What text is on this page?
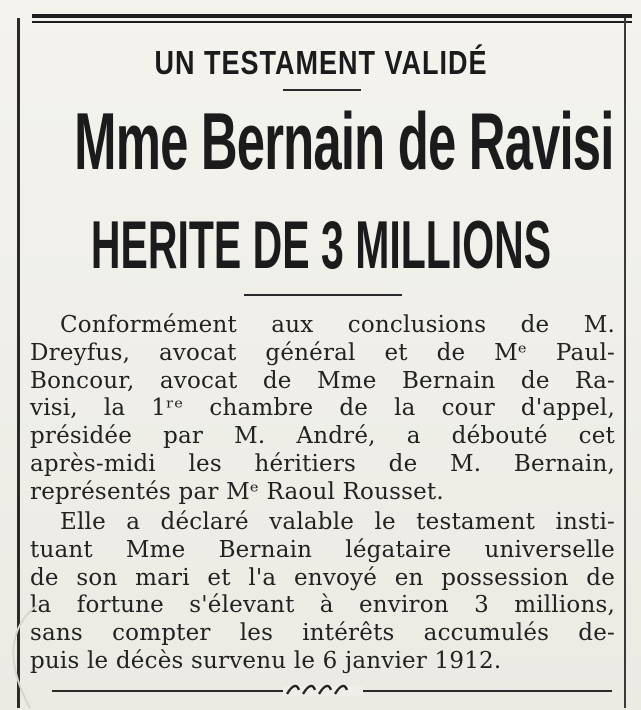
UN TESTAMENT VALIDÉ
Mme Bernain de Ravisi
HERITE DE 3 MILLIONS
Conformément aux conclusions de M.
Dreyfus, avocat général et de Mᵉ Paul-
Boncour, avocat de Mme Bernain de Ra-
visi, la 1ʳᵉ chambre de la cour d'appel,
présidée par M. André, a débouté cet
après-midi les héritiers de M. Bernain,
représentés par Mᵉ Raoul Rousset.
Elle a déclaré valable le testament insti-
tuant Mme Bernain légataire universelle
de son mari et l'a envoyé en possession de
la fortune s'élevant à environ 3 millions,
sans compter les intérêts accumulés de-
puis le décès survenu le 6 janvier 1912.
